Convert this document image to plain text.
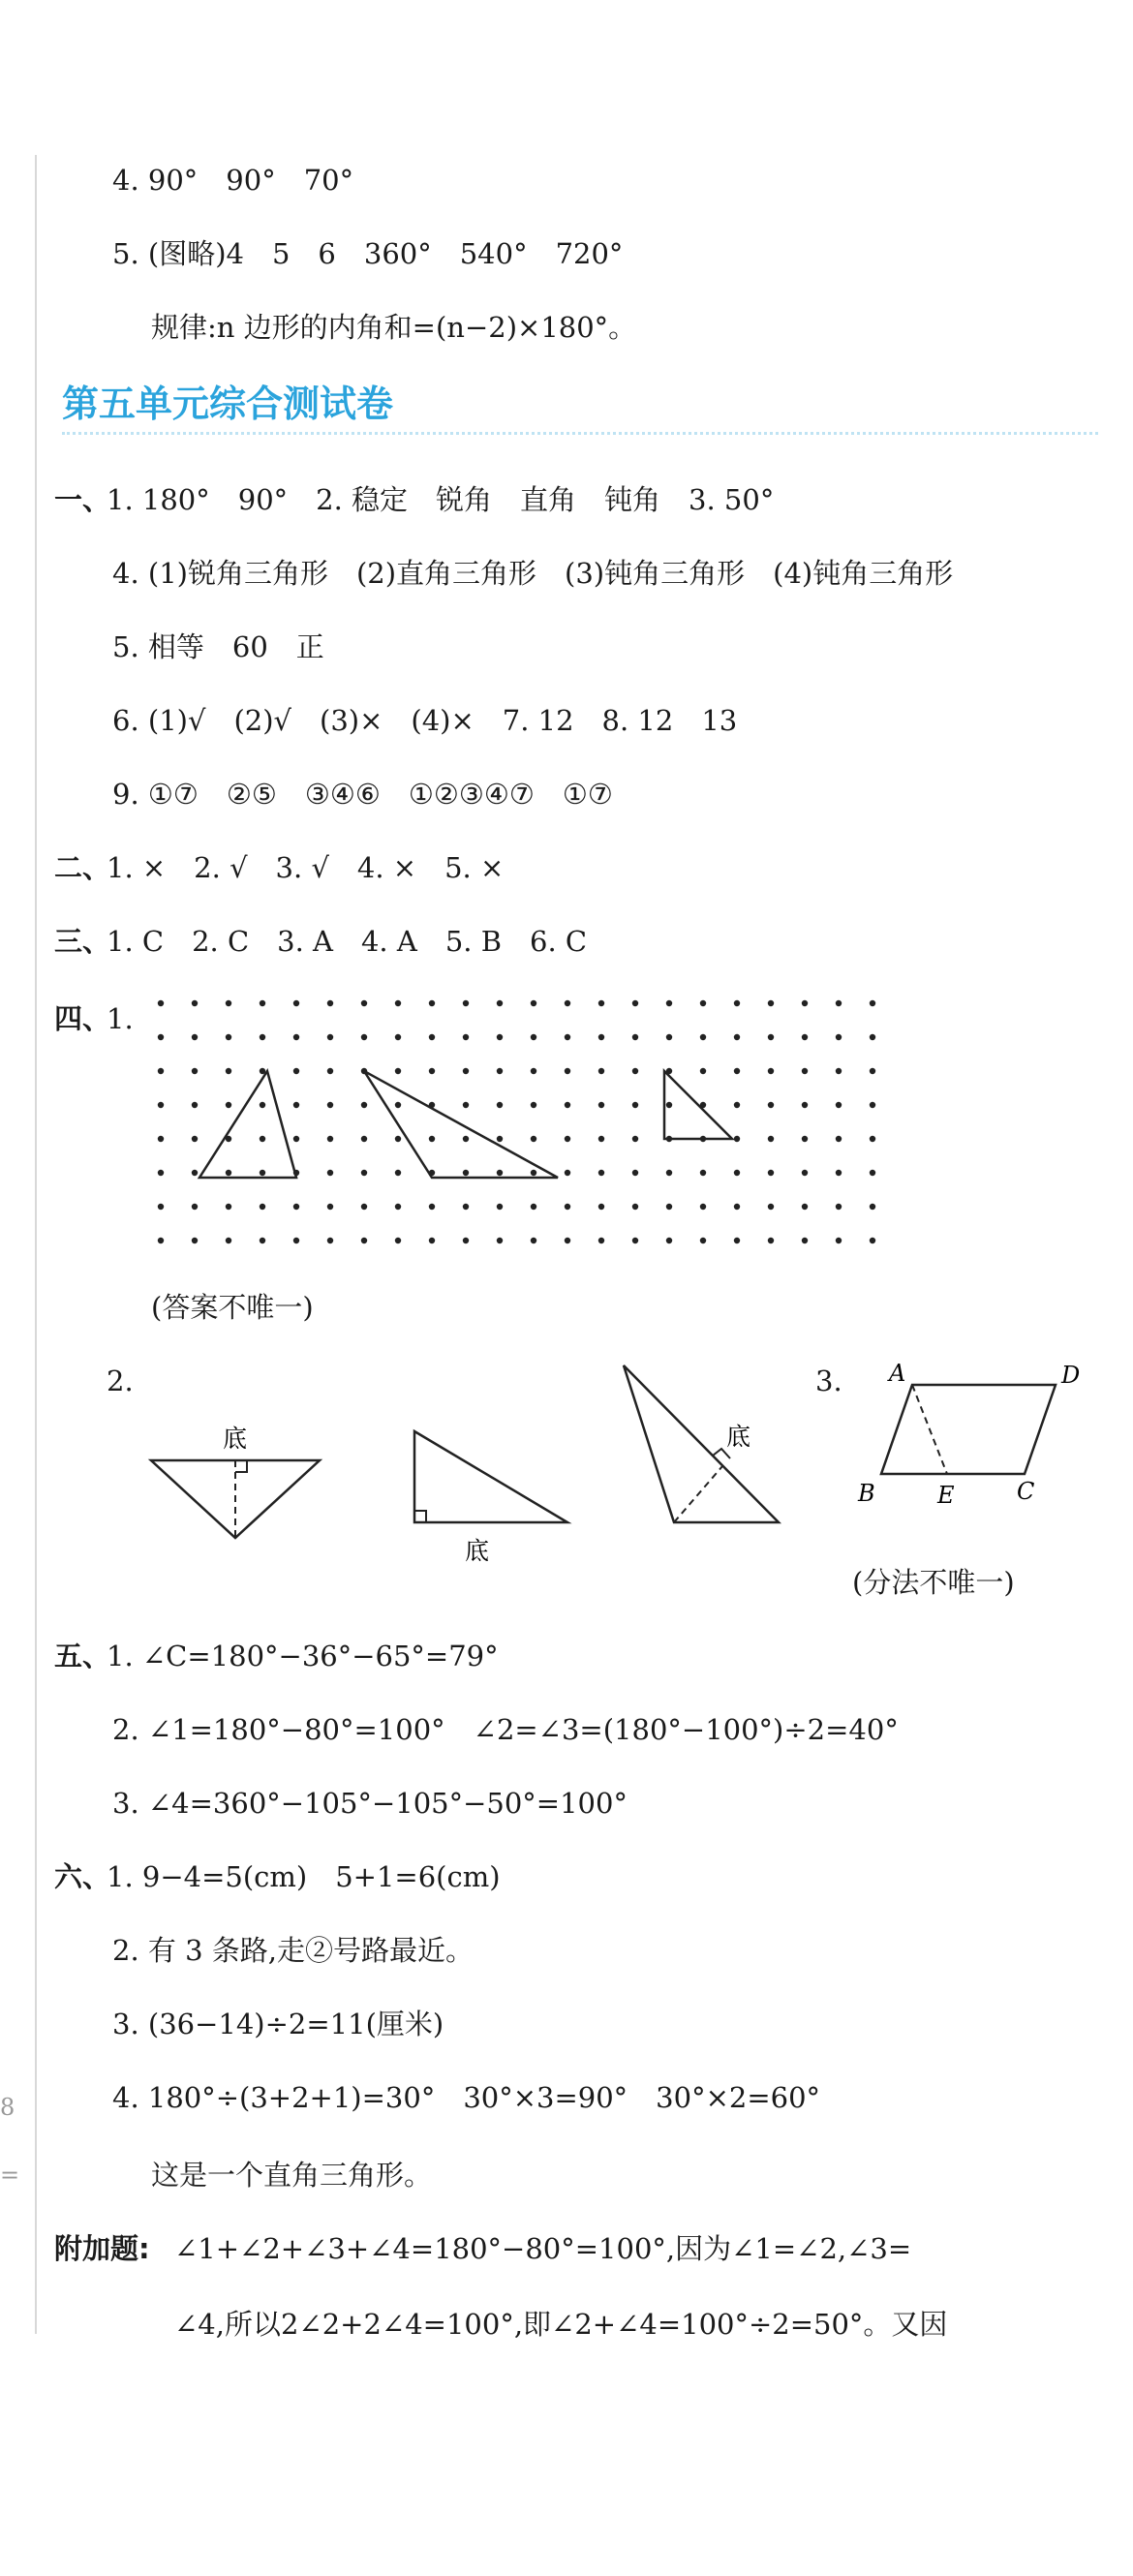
8
=
4. 90°　90°　70°
5. (图略)4　5　6　360°　540°　720°
规律:n 边形的内角和=(n−2)×180°。
第五单元综合测试卷
一、
1. 180°　90°　2. 稳定　锐角　直角　钝角　3. 50°
4. (1)锐角三角形　(2)直角三角形　(3)钝角三角形　(4)钝角三角形
5. 相等　60　正
6. (1)√　(2)√　(3)×　(4)×　7. 12　8. 12　13
9. ①⑦　②⑤　③④⑥　①②③④⑦　①⑦
二、
1. ×　2. √　3. √　4. ×　5. ×
三、
1. C　2. C　3. A　4. A　5. B　6. C
四、
1.
(答案不唯一)
2.
底
底
底
3. A	D
B	E	C
(分法不唯一)
五、
1. ∠C=180°−36°−65°=79°
2. ∠1=180°−80°=100°　∠2=∠3=(180°−100°)÷2=40°
3. ∠4=360°−105°−105°−50°=100°
六、
1. 9−4=5(cm)　5+1=6(cm)
2. 有 3 条路,走②号路最近。
3. (36−14)÷2=11(厘米)
4. 180°÷(3+2+1)=30°　30°×3=90°　30°×2=60°
这是一个直角三角形。
附加题: ∠1+∠2+∠3+∠4=180°−80°=100°,因为∠1=∠2,∠3=
∠4,所以2∠2+2∠4=100°,即∠2+∠4=100°÷2=50°。又因
